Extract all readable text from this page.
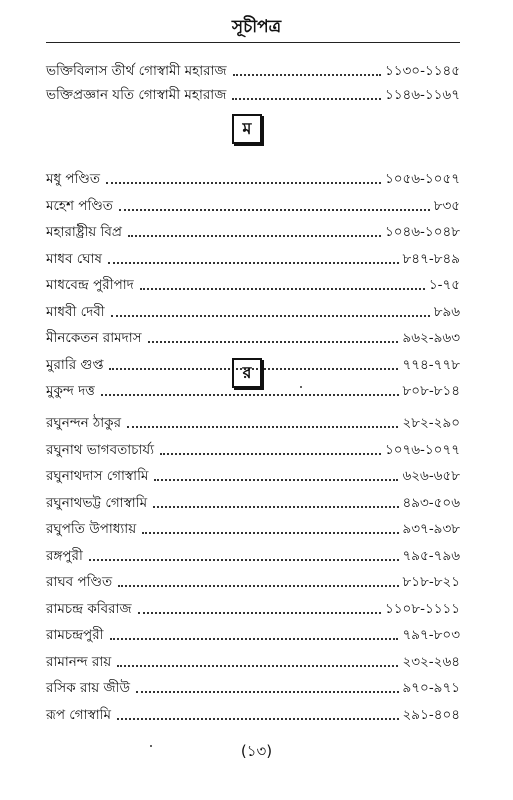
সূচীপত্র
ভক্তিবিলাস তীর্থ গোস্বামী মহারাজ	১১৩০-১১৪৫
ভক্তিপ্রজ্ঞান যতি গোস্বামী মহারাজ	১১৪৬-১১৬৭
ম
মধু পণ্ডিত	১০৫৬-১০৫৭
মহেশ পণ্ডিত	৮৩৫
মহারাষ্ট্রীয় বিপ্র	১০৪৬-১০৪৮
মাধব ঘোষ	৮৪৭-৮৪৯
মাধবেন্দ্র পুরীপাদ	১-৭৫
মাধবী দেবী	৮৯৬
মীনকেতন রামদাস	৯৬২-৯৬৩
মুরারি গুপ্ত	৭৭৪-৭৭৮
মুকুন্দ দত্ত	৮০৮-৮১৪
র
রঘুনন্দন ঠাকুর	২৮২-২৯০
রঘুনাথ ভাগবতাচার্য্য	১০৭৬-১০৭৭
রঘুনাথদাস গোস্বামি	৬২৬-৬৫৮
রঘুনাথভট্ট গোস্বামি	৪৯৩-৫০৬
রঘুপতি উপাধ্যায়	৯৩৭-৯৩৮
রঙ্গপুরী	৭৯৫-৭৯৬
রাঘব পণ্ডিত	৮১৮-৮২১
রামচন্দ্র কবিরাজ	১১০৮-১১১১
রামচন্দ্রপুরী	৭৯৭-৮০৩
রামানন্দ রায়	২৩২-২৬৪
রসিক রায় জীউ	৯৭০-৯৭১
রূপ গোস্বামি	২৯১-৪০৪
(১৩)
